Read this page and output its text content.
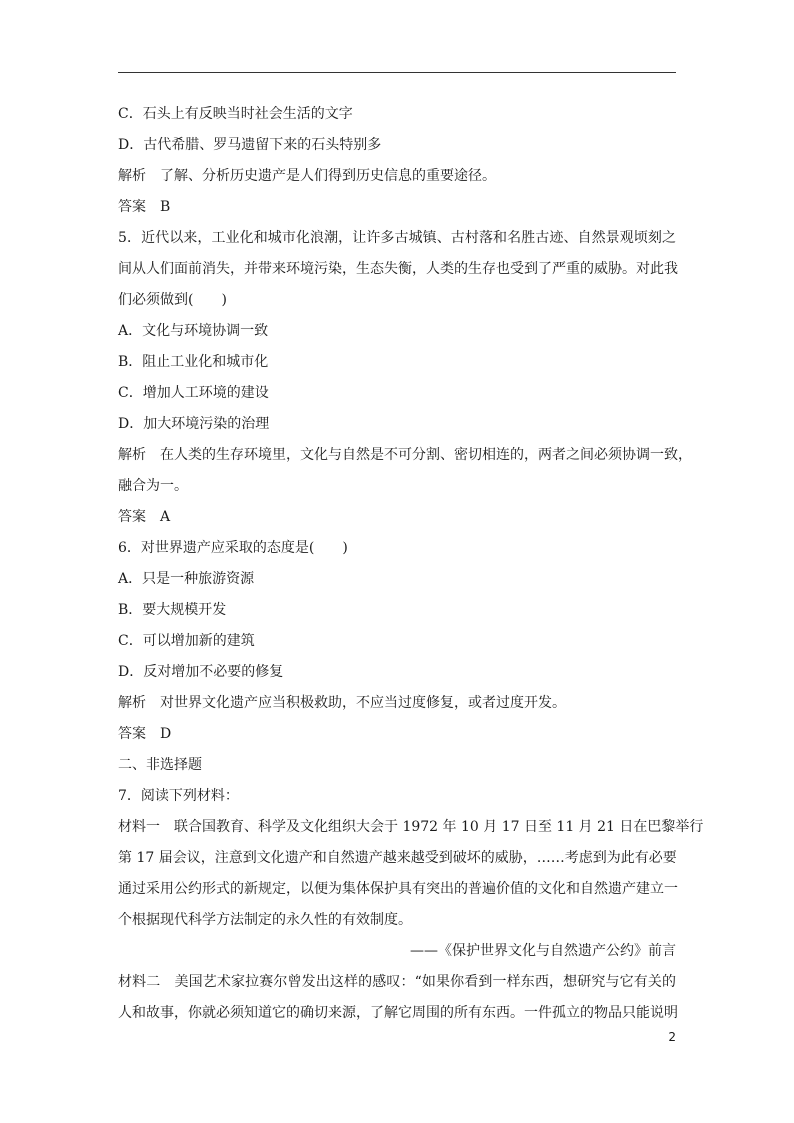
C．石头上有反映当时社会生活的文字
D．古代希腊、罗马遗留下来的石头特别多
解析　了解、分析历史遗产是人们得到历史信息的重要途径。
答案　B
5．近代以来，工业化和城市化浪潮，让许多古城镇、古村落和名胜古迹、自然景观顷刻之
间从人们面前消失，并带来环境污染，生态失衡，人类的生存也受到了严重的威胁。对此我
们必须做到(　　)
A．文化与环境协调一致
B．阻止工业化和城市化
C．增加人工环境的建设
D．加大环境污染的治理
解析　在人类的生存环境里，文化与自然是不可分割、密切相连的，两者之间必须协调一致，
融合为一。
答案　A
6．对世界遗产应采取的态度是(　　)
A．只是一种旅游资源
B．要大规模开发
C．可以增加新的建筑
D．反对增加不必要的修复
解析　对世界文化遗产应当积极救助，不应当过度修复，或者过度开发。
答案　D
二、非选择题
7．阅读下列材料：
材料一　联合国教育、科学及文化组织大会于 1972 年 10 月 17 日至 11 月 21 日在巴黎举行
第 17 届会议，注意到文化遗产和自然遗产越来越受到破坏的威胁，……考虑到为此有必要
通过采用公约形式的新规定，以便为集体保护具有突出的普遍价值的文化和自然遗产建立一
个根据现代科学方法制定的永久性的有效制度。
——《保护世界文化与自然遗产公约》前言
材料二　美国艺术家拉赛尔曾发出这样的感叹：“如果你看到一样东西，想研究与它有关的
人和故事，你就必须知道它的确切来源，了解它周围的所有东西。一件孤立的物品只能说明
2
